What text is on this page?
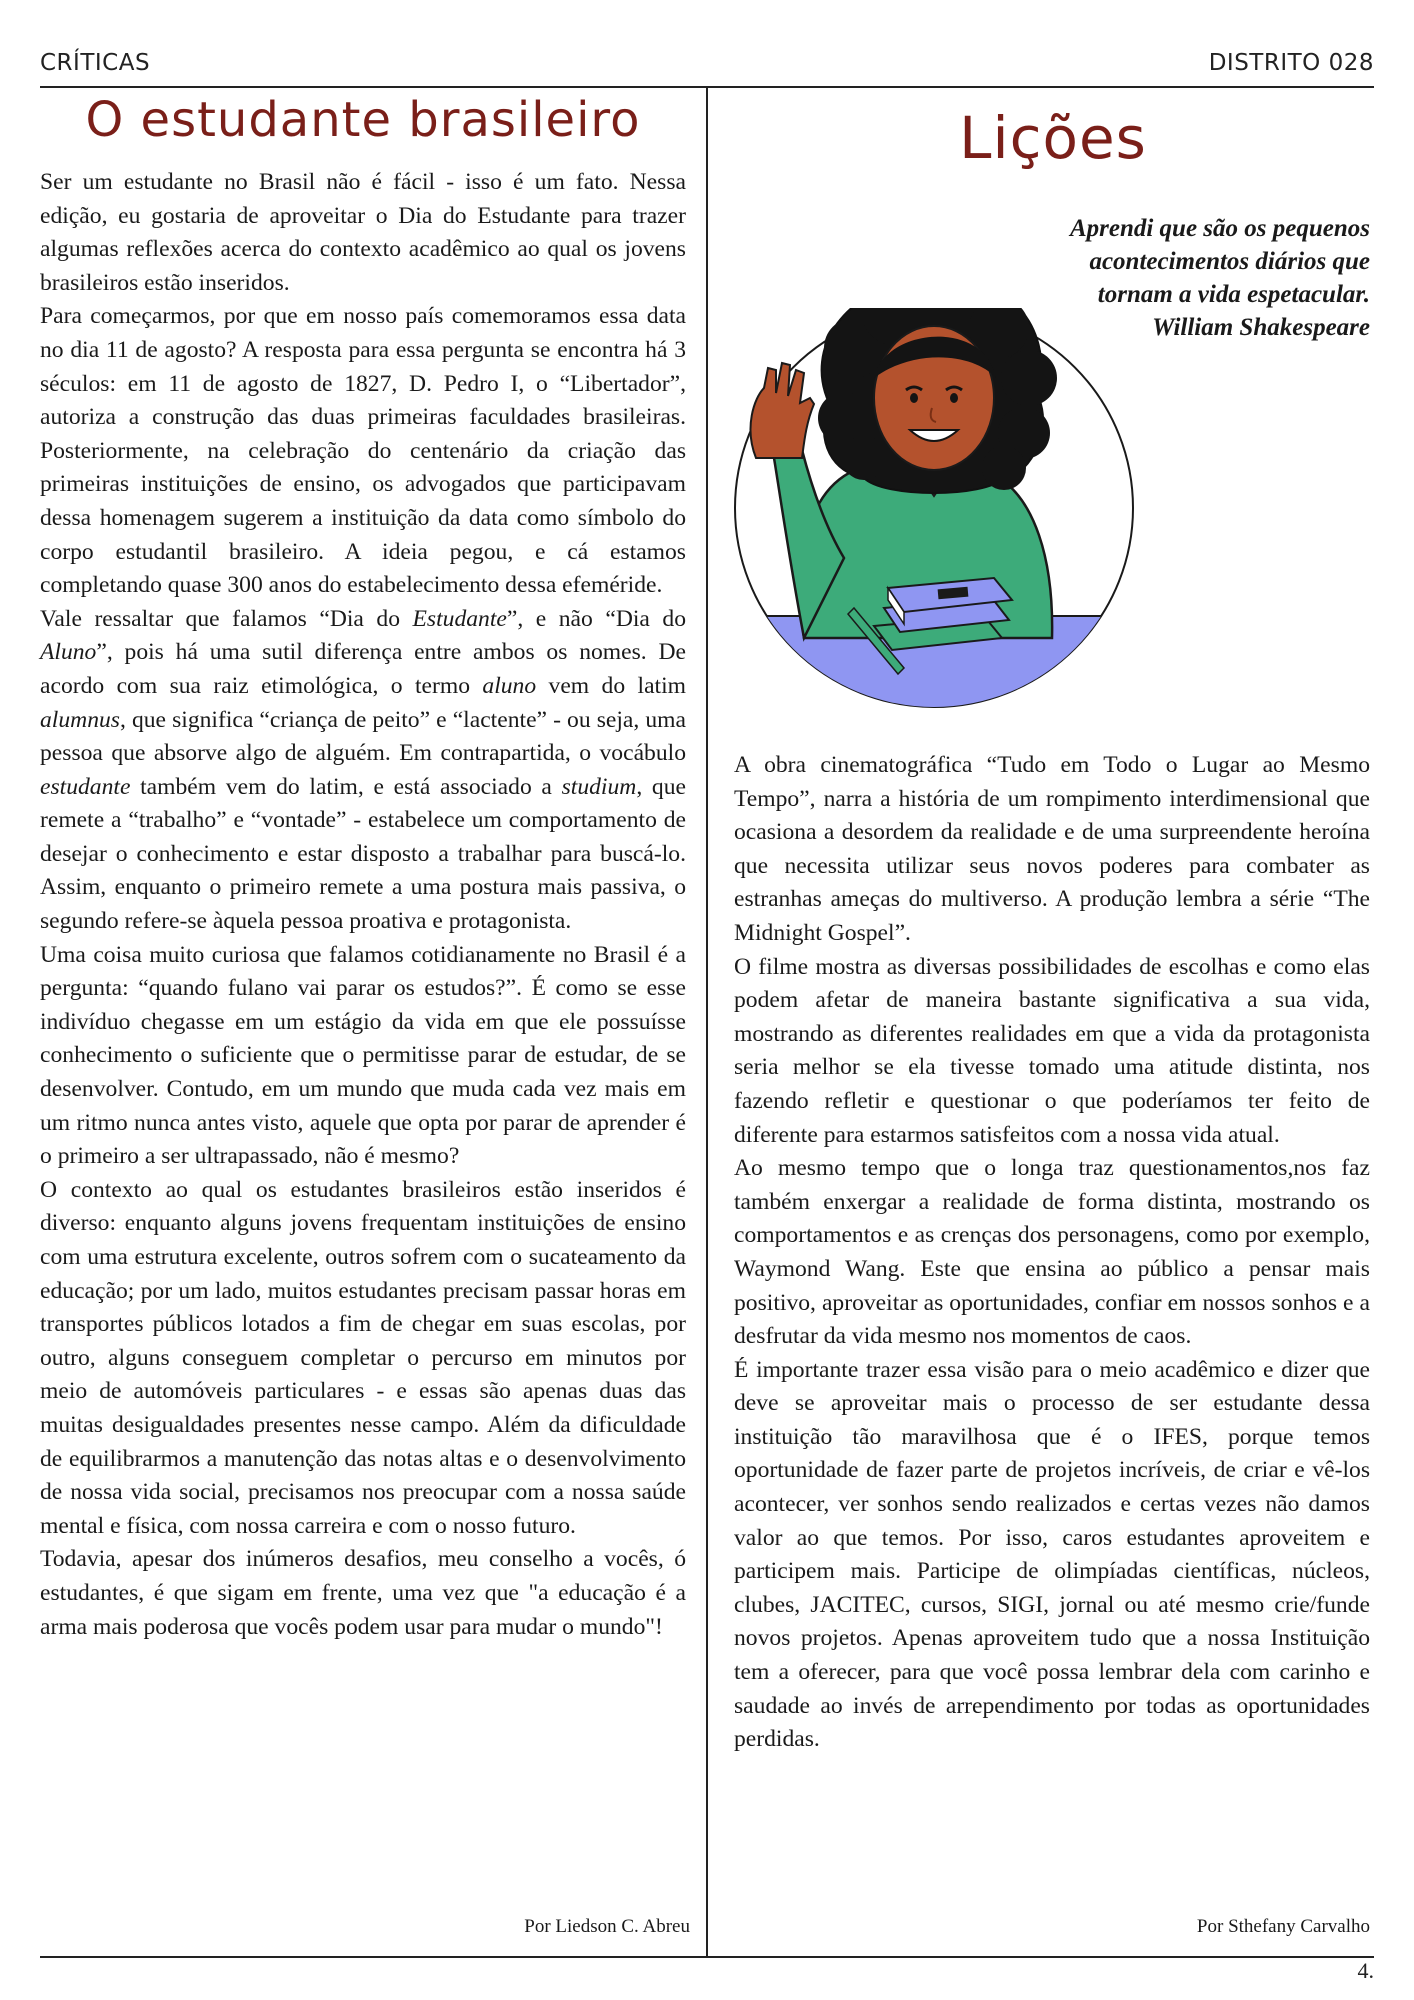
CRÍTICAS	DISTRITO 028
O estudante brasileiro

Ser um estudante no Brasil não é fácil - isso é um fato. Nessa edição, eu gostaria de aproveitar o Dia do Estudante para trazer algumas reflexões acerca do contexto acadêmico ao qual os jovens brasileiros estão inseridos.

Para começarmos, por que em nosso país comemoramos essa data no dia 11 de agosto? A resposta para essa pergunta se encontra há 3 séculos: em 11 de agosto de 1827, D. Pedro I, o “Libertador”, autoriza a construção das duas primeiras faculdades brasileiras. Posteriormente, na celebração do centenário da criação das primeiras instituições de ensino, os advogados que participavam dessa homenagem sugerem a instituição da data como símbolo do corpo estudantil brasileiro. A ideia pegou, e cá estamos completando quase 300 anos do estabelecimento dessa efeméride.

Vale ressaltar que falamos “Dia do Estudante”, e não “Dia do Aluno”, pois há uma sutil diferença entre ambos os nomes. De acordo com sua raiz etimológica, o termo aluno vem do latim alumnus, que significa “criança de peito” e “lactente” - ou seja, uma pessoa que absorve algo de alguém. Em contrapartida, o vocábulo estudante também vem do latim, e está associado a studium, que remete a “trabalho” e “vontade” - estabelece um comportamento de desejar o conhecimento e estar disposto a trabalhar para buscá-lo. Assim, enquanto o primeiro remete a uma postura mais passiva, o segundo refere-se àquela pessoa proativa e protagonista.

Uma coisa muito curiosa que falamos cotidianamente no Brasil é a pergunta: “quando fulano vai parar os estudos?”. É como se esse indivíduo chegasse em um estágio da vida em que ele possuísse conhecimento o suficiente que o permitisse parar de estudar, de se desenvolver. Contudo, em um mundo que muda cada vez mais em um ritmo nunca antes visto, aquele que opta por parar de aprender é o primeiro a ser ultrapassado, não é mesmo?

O contexto ao qual os estudantes brasileiros estão inseridos é diverso: enquanto alguns jovens frequentam instituições de ensino com uma estrutura excelente, outros sofrem com o sucateamento da educação; por um lado, muitos estudantes precisam passar horas em transportes públicos lotados a fim de chegar em suas escolas, por outro, alguns conseguem completar o percurso em minutos por meio de automóveis particulares - e essas são apenas duas das muitas desigualdades presentes nesse campo. Além da dificuldade de equilibrarmos a manutenção das notas altas e o desenvolvimento de nossa vida social, precisamos nos preocupar com a nossa saúde mental e física, com nossa carreira e com o nosso futuro.

Todavia, apesar dos inúmeros desafios, meu conselho a vocês, ó estudantes, é que sigam em frente, uma vez que "a educação é a arma mais poderosa que vocês podem usar para mudar o mundo"!

Por Liedson C. Abreu
Lições
Aprendi que são os pequenos
acontecimentos diários que
tornam a vida espetacular.
William Shakespeare

A obra cinematográfica “Tudo em Todo o Lugar ao Mesmo Tempo”, narra a história de um rompimento interdimensional que ocasiona a desordem da realidade e de uma surpreendente heroína que necessita utilizar seus novos poderes para combater as estranhas ameças do multiverso. A produção lembra a série “The Midnight Gospel”.

O filme mostra as diversas possibilidades de escolhas e como elas podem afetar de maneira bastante significativa a sua vida, mostrando as diferentes realidades em que a vida da protagonista seria melhor se ela tivesse tomado uma atitude distinta, nos fazendo refletir e questionar o que poderíamos ter feito de diferente para estarmos satisfeitos com a nossa vida atual.

Ao mesmo tempo que o longa traz questionamentos,nos faz também enxergar a realidade de forma distinta, mostrando os comportamentos e as crenças dos personagens, como por exemplo, Waymond Wang. Este que ensina ao público a pensar mais positivo, aproveitar as oportunidades, confiar em nossos sonhos e a desfrutar da vida mesmo nos momentos de caos.

É importante trazer essa visão para o meio acadêmico e dizer que deve se aproveitar mais o processo de ser estudante dessa instituição tão maravilhosa que é o IFES, porque temos oportunidade de fazer parte de projetos incríveis, de criar e vê-los acontecer, ver sonhos sendo realizados e certas vezes não damos valor ao que temos. Por isso, caros estudantes aproveitem e participem mais. Participe de olimpíadas científicas, núcleos, clubes, JACITEC, cursos, SIGI, jornal ou até mesmo crie/funde novos projetos. Apenas aproveitem tudo que a nossa Instituição tem a oferecer, para que você possa lembrar dela com carinho e saudade ao invés de arrependimento por todas as oportunidades perdidas.

Por Sthefany Carvalho
4.
